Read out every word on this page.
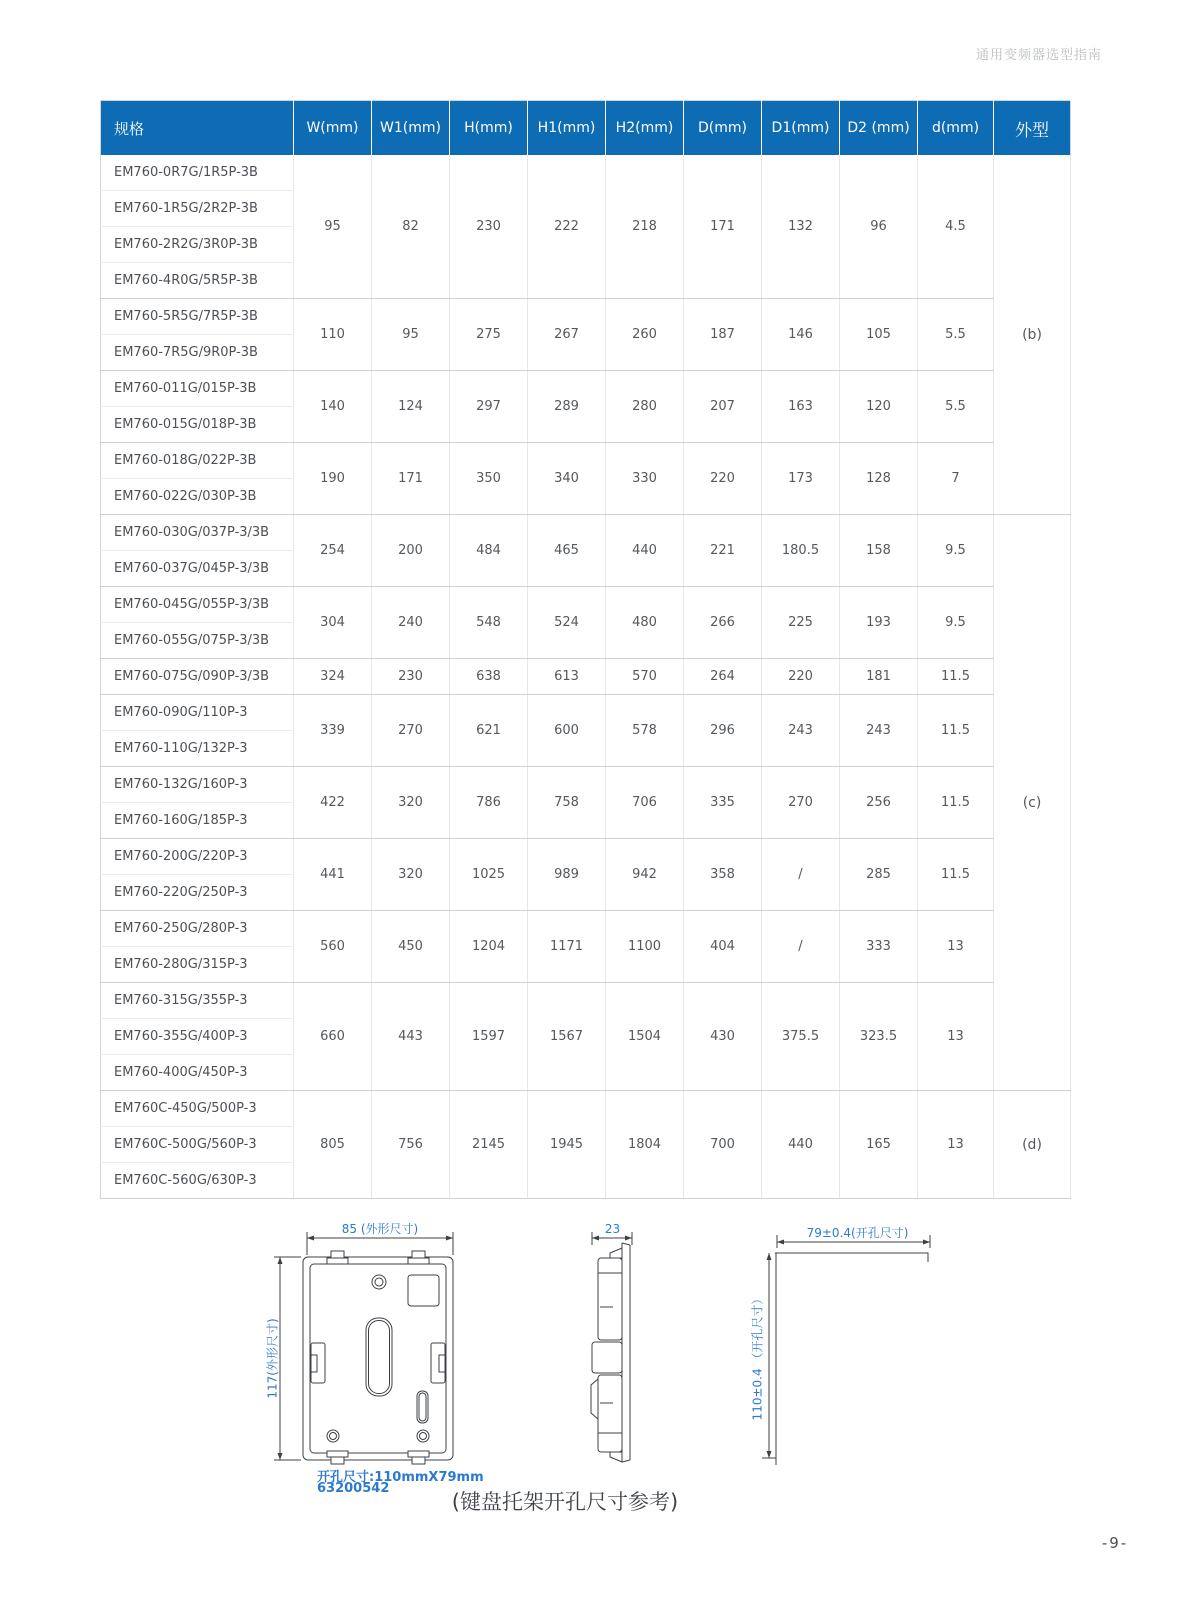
通用变频器选型指南
规格	W(mm)	W1(mm)	H(mm)	H1(mm)	H2(mm)	D(mm)	D1(mm)	D2 (mm)	d(mm)	外型
EM760-0R7G/1R5P-3B	95	82	230	222	218	171	132	96	4.5	(b)
EM760-1R5G/2R2P-3B										
EM760-2R2G/3R0P-3B										
EM760-4R0G/5R5P-3B										
EM760-5R5G/7R5P-3B	110	95	275	267	260	187	146	105	5.5	
EM760-7R5G/9R0P-3B										
EM760-011G/015P-3B	140	124	297	289	280	207	163	120	5.5	
EM760-015G/018P-3B										
EM760-018G/022P-3B	190	171	350	340	330	220	173	128	7	
EM760-022G/030P-3B										
EM760-030G/037P-3/3B	254	200	484	465	440	221	180.5	158	9.5	(c)
EM760-037G/045P-3/3B										
EM760-045G/055P-3/3B	304	240	548	524	480	266	225	193	9.5	
EM760-055G/075P-3/3B										
EM760-075G/090P-3/3B	324	230	638	613	570	264	220	181	11.5	
EM760-090G/110P-3	339	270	621	600	578	296	243	243	11.5	
EM760-110G/132P-3										
EM760-132G/160P-3	422	320	786	758	706	335	270	256	11.5	
EM760-160G/185P-3										
EM760-200G/220P-3	441	320	1025	989	942	358	/	285	11.5	
EM760-220G/250P-3										
EM760-250G/280P-3	560	450	1204	1171	1100	404	/	333	13	
EM760-280G/315P-3										
EM760-315G/355P-3	660	443	1597	1567	1504	430	375.5	323.5	13	
EM760-355G/400P-3										
EM760-400G/450P-3										
EM760C-450G/500P-3	805	756	2145	1945	1804	700	440	165	13	(d)
EM760C-500G/560P-3										
EM760C-560G/630P-3										
85 (外形尺寸)
117(外形尺寸)
23	79±0.4(开孔尺寸)
110±0.4 （开孔尺寸）
开孔尺寸:110mmX79mm
63200542
(键盘托架开孔尺寸参考)
-9-
